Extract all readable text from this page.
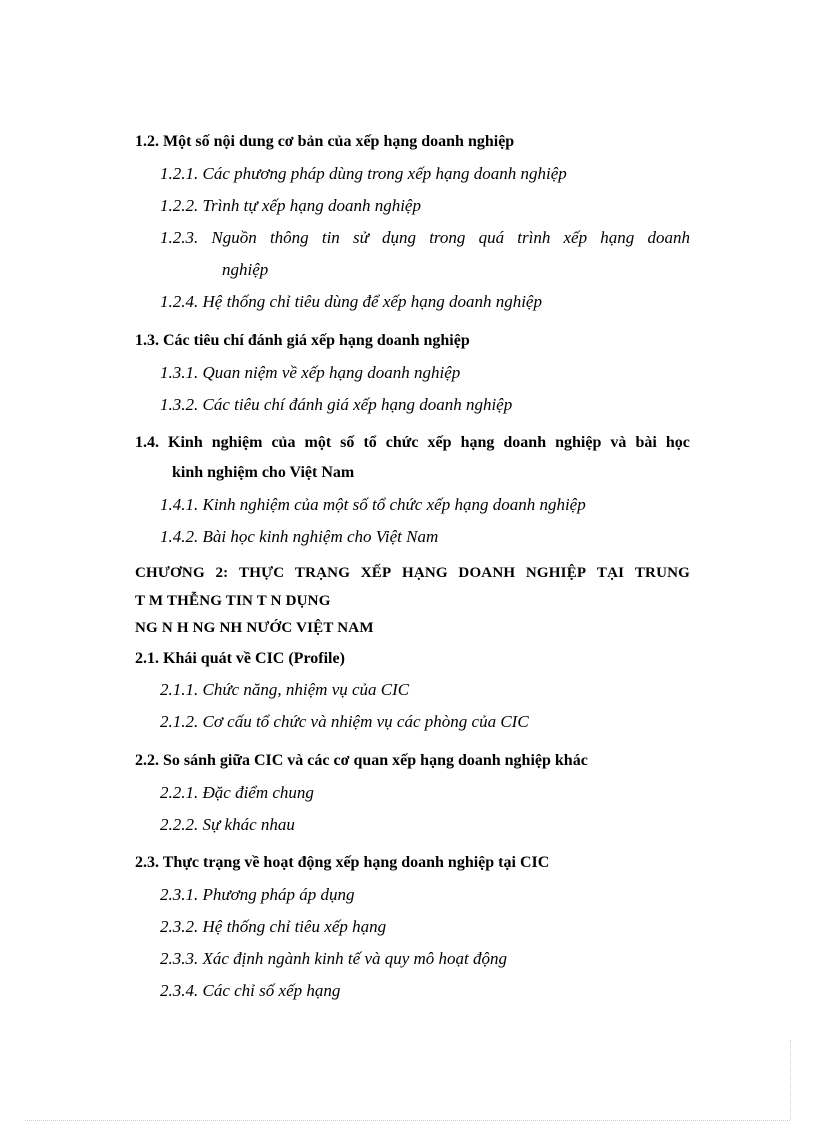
1.2. Một số nội dung cơ bản của xếp hạng doanh nghiệp
1.2.1. Các phương pháp dùng trong xếp hạng doanh nghiệp
1.2.2. Trình tự xếp hạng doanh nghiệp
1.2.3. Nguồn thông tin sử dụng trong quá trình xếp hạng doanh
nghiệp
1.2.4. Hệ thống chỉ tiêu dùng để xếp hạng doanh nghiệp
1.3. Các tiêu chí đánh giá xếp hạng doanh nghiệp
1.3.1. Quan niệm về xếp hạng doanh nghiệp
1.3.2. Các tiêu chí đánh giá xếp hạng doanh nghiệp
1.4. Kinh nghiệm của một số tổ chức xếp hạng doanh nghiệp và bài học
kinh nghiệm cho Việt Nam
1.4.1. Kinh nghiệm của một số tổ chức xếp hạng doanh nghiệp
1.4.2. Bài học kinh nghiệm cho Việt Nam
CHƯƠNG 2: THỰC TRẠNG XẾP HẠNG DOANH NGHIỆP TẠI TRUNG
T M THỄNG TIN T N DỤNG
NG N H NG NH NƯỚC VIỆT NAM
2.1. Khái quát về CIC (Profile)
2.1.1. Chức năng, nhiệm vụ của CIC
2.1.2. Cơ cấu tổ chức và nhiệm vụ các phòng của CIC
2.2. So sánh giữa CIC và các cơ quan xếp hạng doanh nghiệp khác
2.2.1. Đặc điểm chung
2.2.2. Sự khác nhau
2.3. Thực trạng về hoạt động xếp hạng doanh nghiệp tại CIC
2.3.1. Phương pháp áp dụng
2.3.2. Hệ thống chỉ tiêu xếp hạng
2.3.3. Xác định ngành kinh tế và quy mô hoạt động
2.3.4. Các chỉ số xếp hạng
